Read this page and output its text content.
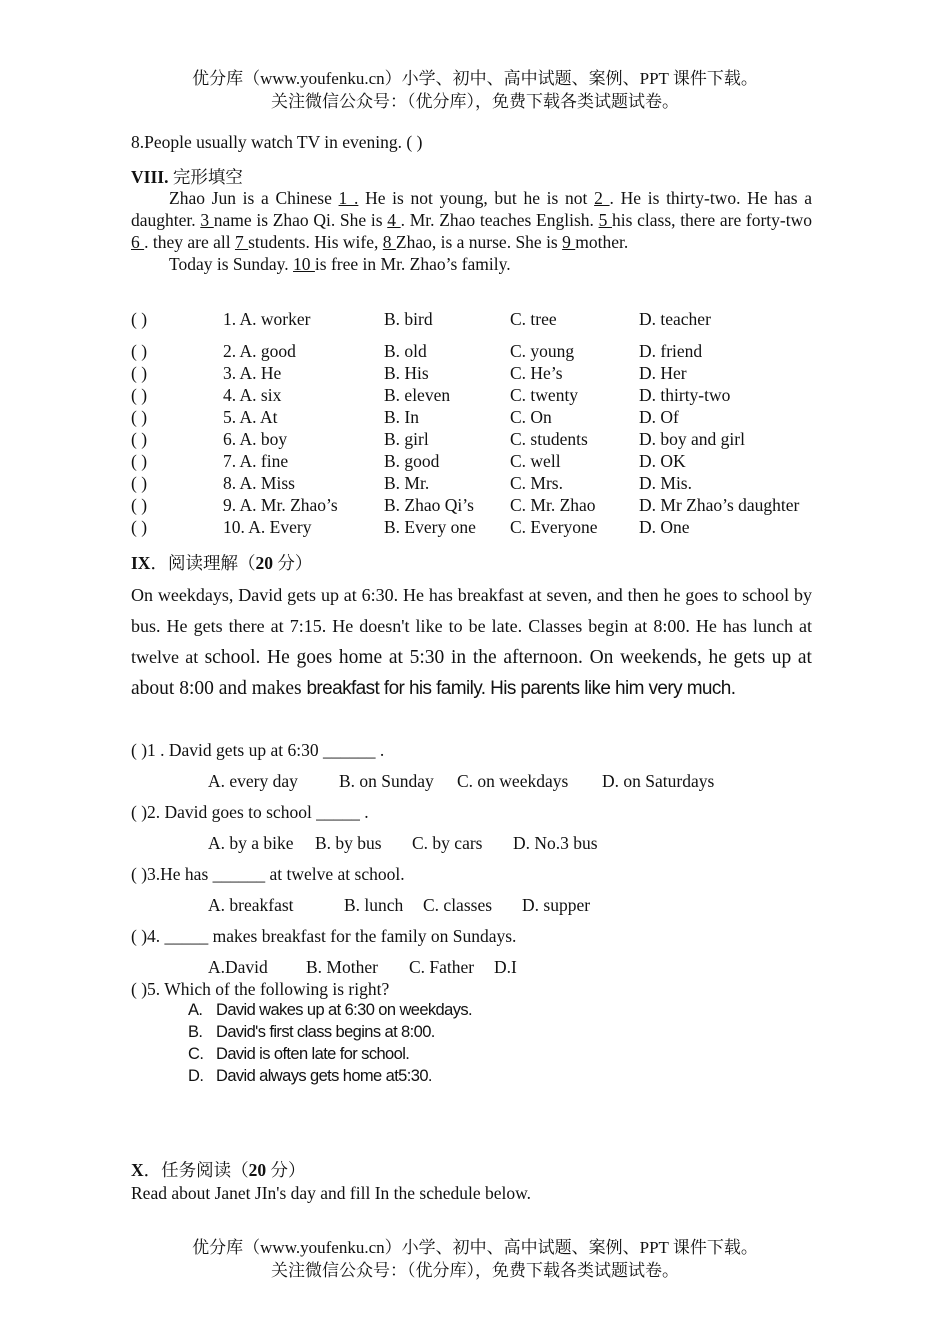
优分库（www.youfenku.cn）小学、初中、高中试题、案例、PPT 课件下载。
关注微信公众号：（优分库），免费下载各类试题试卷。
8.People usually watch TV in evening. ( )
VIII. 完形填空

Zhao Jun is a Chinese 1 . He is not young, but he is not 2 . He is thirty-two. He has a daughter. 3 name is Zhao Qi. She is 4 . Mr. Zhao teaches English. 5 his class, there are forty-two 6 . they are all 7 students. His wife, 8 Zhao, is a nurse. She is 9 mother.

Today is Sunday. 10 is free in Mr. Zhao’s family.

( )	1. A. worker	B. bird	C. tree	D. teacher
( )	2. A. good	B. old	C. young	D. friend
( )	3. A. He	B. His	C. He’s	D. Her
( )	4. A. six	B. eleven	C. twenty	D. thirty-two
( )	5. A. At	B. In	C. On	D. Of
( )	6. A. boy	B. girl	C. students	D. boy and girl
( )	7. A. fine	B. good	C. well	D. OK
( )	8. A. Miss	B. Mr.	C. Mrs.	D. Mis.
( )	9. A. Mr. Zhao’s	B. Zhao Qi’s C. Mr. Zhao D. Mr Zhao’s daughter
( )	10. A. Every	B. Every one C. Everyone D. One
IX．阅读理解（20 分）
On weekdays, David gets up at 6:30. He has breakfast at seven, and then he goes to school by bus. He gets there at 7:15. He doesn't like to be late. Classes begin at 8:00. He has lunch at twelve at school. He goes home at 5:30 in the afternoon. On weekends, he gets up at about 8:00 and makes breakfast for his family. His parents like him very much.
( )1 . David gets up at 6:30 ______ .
A. every day B. on Sunday C. on weekdays D. on Saturdays
( )2. David goes to school _____ .
A. by a bike B. by bus C. by cars D. No.3 bus
( )3.He has ______ at twelve at school.
A. breakfast	B. lunch C. classes D. supper
( )4. _____ makes breakfast for the family on Sundays.
A.David B. Mother C. Father D.I
( )5. Which of the following is right?
A. David wakes up at 6:30 on weekdays.
B. David's first class begins at 8:00.
C. David is often late for school.
D. David always gets home at5:30.
X．任务阅读（20 分）
Read about Janet JIn's day and fill In the schedule below.
优分库（www.youfenku.cn）小学、初中、高中试题、案例、PPT 课件下载。
关注微信公众号：（优分库），免费下载各类试题试卷。
